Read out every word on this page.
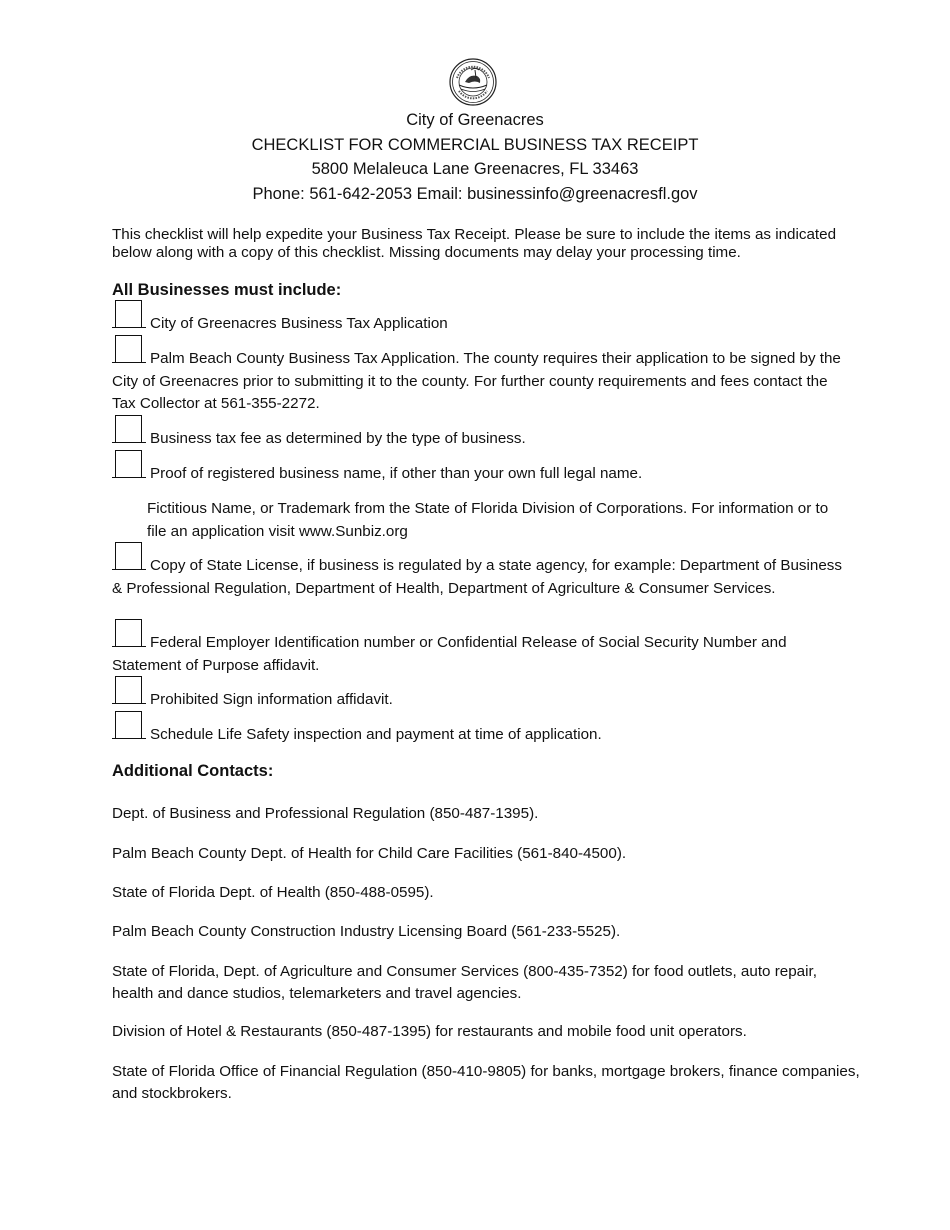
City of Greenacres
CHECKLIST FOR COMMERCIAL BUSINESS TAX RECEIPT
5800 Melaleuca Lane Greenacres, FL 33463
Phone: 561-642-2053 Email: businessinfo@greenacresfl.gov

This checklist will help expedite your Business Tax Receipt. Please be sure to include the items as indicated below along with a copy of this checklist. Missing documents may delay your processing time.

All Businesses must include:

City of Greenacres Business Tax Application

Palm Beach County Business Tax Application. The county requires their application to be signed by the City of Greenacres prior to submitting it to the county. For further county requirements and fees contact the Tax Collector at 561-355-2272.

Business tax fee as determined by the type of business.

Proof of registered business name, if other than your own full legal name.

Fictitious Name, or Trademark from the State of Florida Division of Corporations. For information or to file an application visit www.Sunbiz.org

Copy of State License, if business is regulated by a state agency, for example: Department of Business & Professional Regulation, Department of Health, Department of Agriculture & Consumer Services.

Federal Employer Identification number or Confidential Release of Social Security Number and Statement of Purpose affidavit.

Prohibited Sign information affidavit.

Schedule Life Safety inspection and payment at time of application.

Additional Contacts:

Dept. of Business and Professional Regulation (850-487-1395).

Palm Beach County Dept. of Health for Child Care Facilities (561-840-4500).

State of Florida Dept. of Health (850-488-0595).

Palm Beach County Construction Industry Licensing Board (561-233-5525).

State of Florida, Dept. of Agriculture and Consumer Services (800-435-7352) for food outlets, auto repair, health and dance studios, telemarketers and travel agencies.

Division of Hotel & Restaurants (850-487-1395) for restaurants and mobile food unit operators.

State of Florida Office of Financial Regulation (850-410-9805) for banks, mortgage brokers, finance companies, and stockbrokers.
